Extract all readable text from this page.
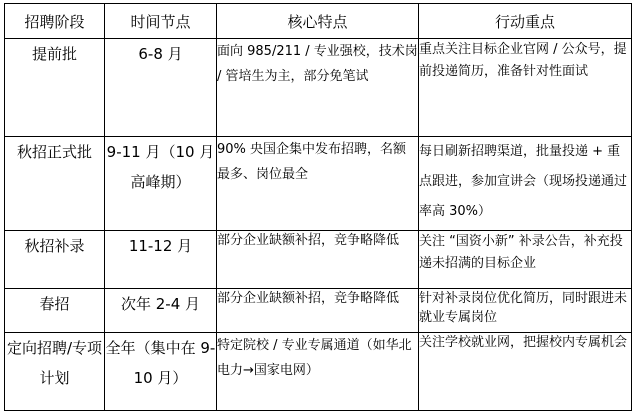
招聘阶段	时间节点	核心特点	行动重点
提前批	6-8 月	面向 985/211 / 专业强校，技术岗 / 管培生为主，部分免笔试	重点关注目标企业官网 / 公众号，提前投递简历，准备针对性面试
秋招正式批	9-11 月（10 月高峰期）	90% 央国企集中发布招聘，名额最多、岗位最全	每日刷新招聘渠道，批量投递 + 重点跟进，参加宣讲会（现场投递通过率高 30%）
秋招补录	11-12 月	部分企业缺额补招，竞争略降低	关注 “国资小新” 补录公告，补充投递未招满的目标企业
春招	次年 2-4 月	部分企业缺额补招，竞争略降低	针对补录岗位优化简历，同时跟进未就业专属岗位
定向招聘/专项计划	全年（集中在 9-10 月）	特定院校 / 专业专属通道（如华北电力→国家电网）	关注学校就业网，把握校内专属机会
